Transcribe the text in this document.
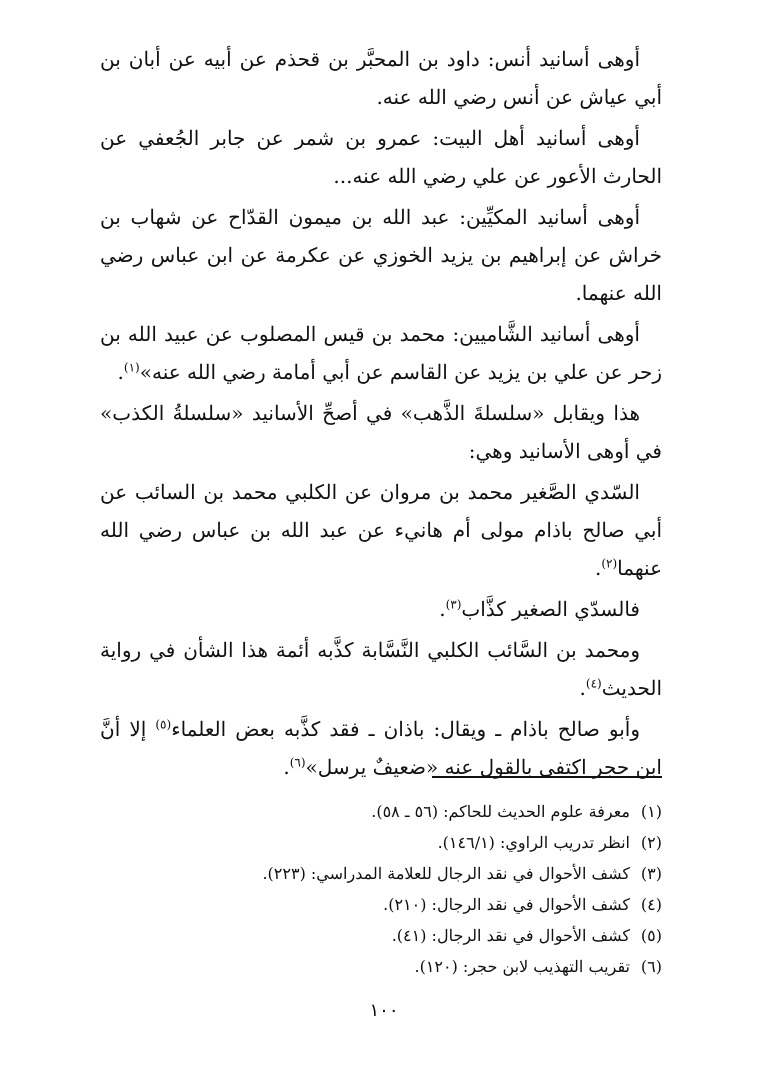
أوهى أسانيد أنس: داود بن المحبَّر بن قحذم عن أبيه عن أبان بن أبي عياش عن أنس رضي الله عنه.

أوهى أسانيد أهل البيت: عمرو بن شمر عن جابر الجُعفي عن الحارث الأعور عن علي رضي الله عنه...

أوهى أسانيد المكيِّين: عبد الله بن ميمون القدّاح عن شهاب بن خراش عن إبراهيم بن يزيد الخوزي عن عكرمة عن ابن عباس رضي الله عنهما.

أوهى أسانيد الشَّاميين: محمد بن قيس المصلوب عن عبيد الله بن زحر عن علي بن يزيد عن القاسم عن أبي أمامة رضي الله عنه»$^{(١)}$.

هذا ويقابل «سلسلةَ الذَّهب» في أصحِّ الأسانيد «سلسلةُ الكذب» في أوهى الأسانيد وهي:

السّدي الصَّغير محمد بن مروان عن الكلبي محمد بن السائب عن أبي صالح باذام مولى أم هانيء عن عبد الله بن عباس رضي الله عنهما$^{(٢)}$.

فالسدّي الصغير كذَّاب$^{(٣)}$.

ومحمد بن السَّائب الكلبي النَّسَّابة كذَّبه أئمة هذا الشأن في رواية الحديث$^{(٤)}$.

وأبو صالح باذام ـ ويقال: باذان ـ فقد كذَّبه بعض العلماء$^{(٥)}$ إلا أنَّ ابن حجر اكتفى بالقول عنه «ضعيفٌ يرسل»$^{(٦)}$.

(١)
معرفة علوم الحديث للحاكم: (٥٦ ـ ٥٨).
(٢)
انظر تدريب الراوي: (١٤٦/١).
(٣)
كشف الأحوال في نقد الرجال للعلامة المدراسي: (٢٢٣).
(٤)
كشف الأحوال في نقد الرجال: (٢١٠).
(٥)
كشف الأحوال في نقد الرجال: (٤١).
(٦)
تقريب التهذيب لابن حجر: (١٢٠).
١٠٠
